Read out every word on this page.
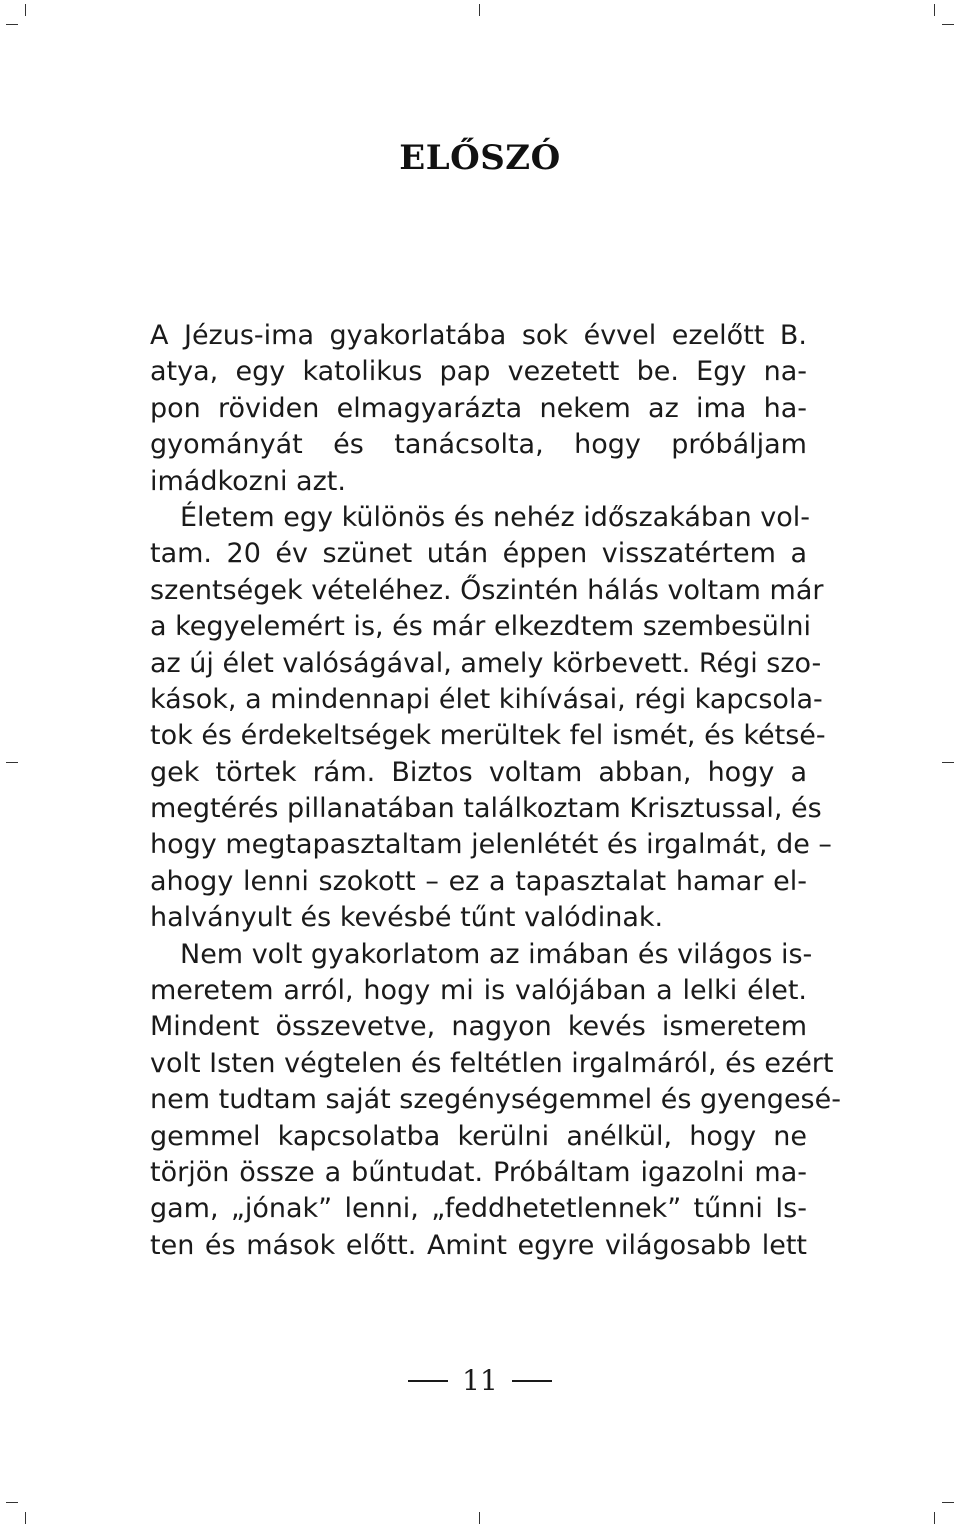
ELŐSZÓ
A Jézus-ima gyakorlatába sok évvel ezelőtt B.
atya, egy katolikus pap vezetett be. Egy na-
pon röviden elmagyarázta nekem az ima ha-
gyományát és tanácsolta, hogy próbáljam
imádkozni azt.
Életem egy különös és nehéz időszakában vol-
tam. 20 év szünet után éppen visszatértem a
szentségek vételéhez. Őszintén hálás voltam már
a kegyelemért is, és már elkezdtem szembesülni
az új élet valóságával, amely körbevett. Régi szo-
kások, a mindennapi élet kihívásai, régi kapcsola-
tok és érdekeltségek merültek fel ismét, és kétsé-
gek törtek rám. Biztos voltam abban, hogy a
megtérés pillanatában találkoztam Krisztussal, és
hogy megtapasztaltam jelenlétét és irgalmát, de –
ahogy lenni szokott – ez a tapasztalat hamar el-
halványult és kevésbé tűnt valódinak.
Nem volt gyakorlatom az imában és világos is-
meretem arról, hogy mi is valójában a lelki élet.
Mindent összevetve, nagyon kevés ismeretem
volt Isten végtelen és feltétlen irgalmáról, és ezért
nem tudtam saját szegénységemmel és gyengesé-
gemmel kapcsolatba kerülni anélkül, hogy ne
törjön össze a bűntudat. Próbáltam igazolni ma-
gam, „jónak” lenni, „feddhetetlennek” tűnni Is-
ten és mások előtt. Amint egyre világosabb lett
11
